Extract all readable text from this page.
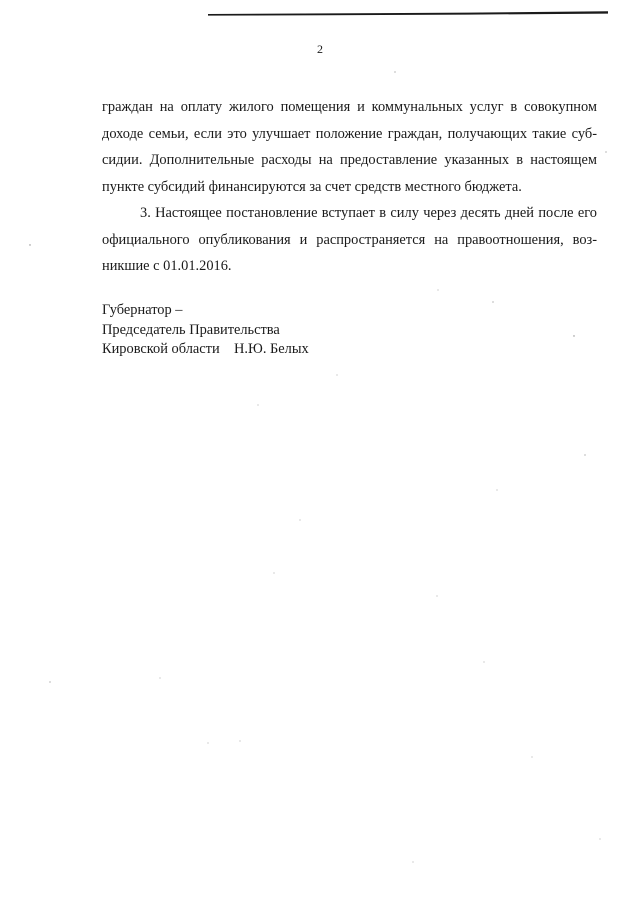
2

граждан на оплату жилого помещения и коммунальных услуг в совокупном
доходе семьи, если это улучшает положение граждан, получающих такие суб-
сидии. Дополнительные расходы на предоставление указанных в настоящем
пункте субсидий финансируются за счет средств местного бюджета.

3. Настоящее постановление вступает в силу через десять дней после его
официального опубликования и распространяется на правоотношения, воз-
никшие с 01.01.2016.

Губернатор –
Председатель Правительства
Кировской области    Н.Ю. Белых
